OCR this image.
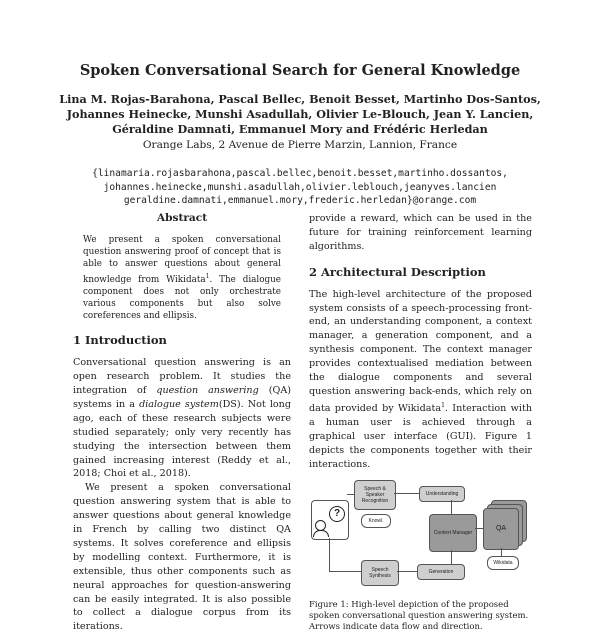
Spoken Conversational Search for General Knowledge
Lina M. Rojas-Barahona, Pascal Bellec, Benoit Besset, Martinho Dos-Santos,
Johannes Heinecke, Munshi Asadullah, Olivier Le-Blouch, Jean Y. Lancien,
Géraldine Damnati, Emmanuel Mory and Frédéric Herledan
Orange Labs, 2 Avenue de Pierre Marzin, Lannion, France
{linamaria.rojasbarahona,pascal.bellec,benoit.besset,martinho.dossantos,
johannes.heinecke,munshi.asadullah,olivier.leblouch,jeanyves.lancien
geraldine.damnati,emmanuel.mory,frederic.herledan}@orange.com
Abstract

We present a spoken conversational question answering proof of concept that is able to answer questions about general knowledge from Wikidata$^1$. The dialogue component does not only orchestrate various components but also solve coreferences and ellipsis.

1 Introduction

Conversational question answering is an open research problem. It studies the integration of question answering (QA) systems in a dialogue system(DS). Not long ago, each of these research subjects were studied separately; only very recently has studying the intersection between them gained increasing interest (Reddy et al., 2018; Choi et al., 2018).

We present a spoken conversational question answering system that is able to answer questions about general knowledge in French by calling two distinct QA systems. It solves coreference and ellipsis by modelling context. Furthermore, it is extensible, thus other components such as neural approaches for question-answering can be easily integrated. It is also possible to collect a dialogue corpus from its iterations.

provide a reward, which can be used in the future for training reinforcement learning algorithms.

2 Architectural Description

The high-level architecture of the proposed system consists of a speech-processing front-end, an understanding component, a context manager, a generation component, and a synthesis component. The context manager provides contextualised mediation between the dialogue components and several question answering back-ends, which rely on data provided by Wikidata$^1$. Interaction with a human user is achieved through a graphical user interface (GUI). Figure 1 depicts the components together with their interactions.

?
Speech & Speaker Recognition
Knowl.
Understanding
Context Manager
QA
Wikidata
Speech Synthesis
Generation
Figure 1: High-level depiction of the proposed spoken conversational question answering system. Arrows indicate data flow and direction.
